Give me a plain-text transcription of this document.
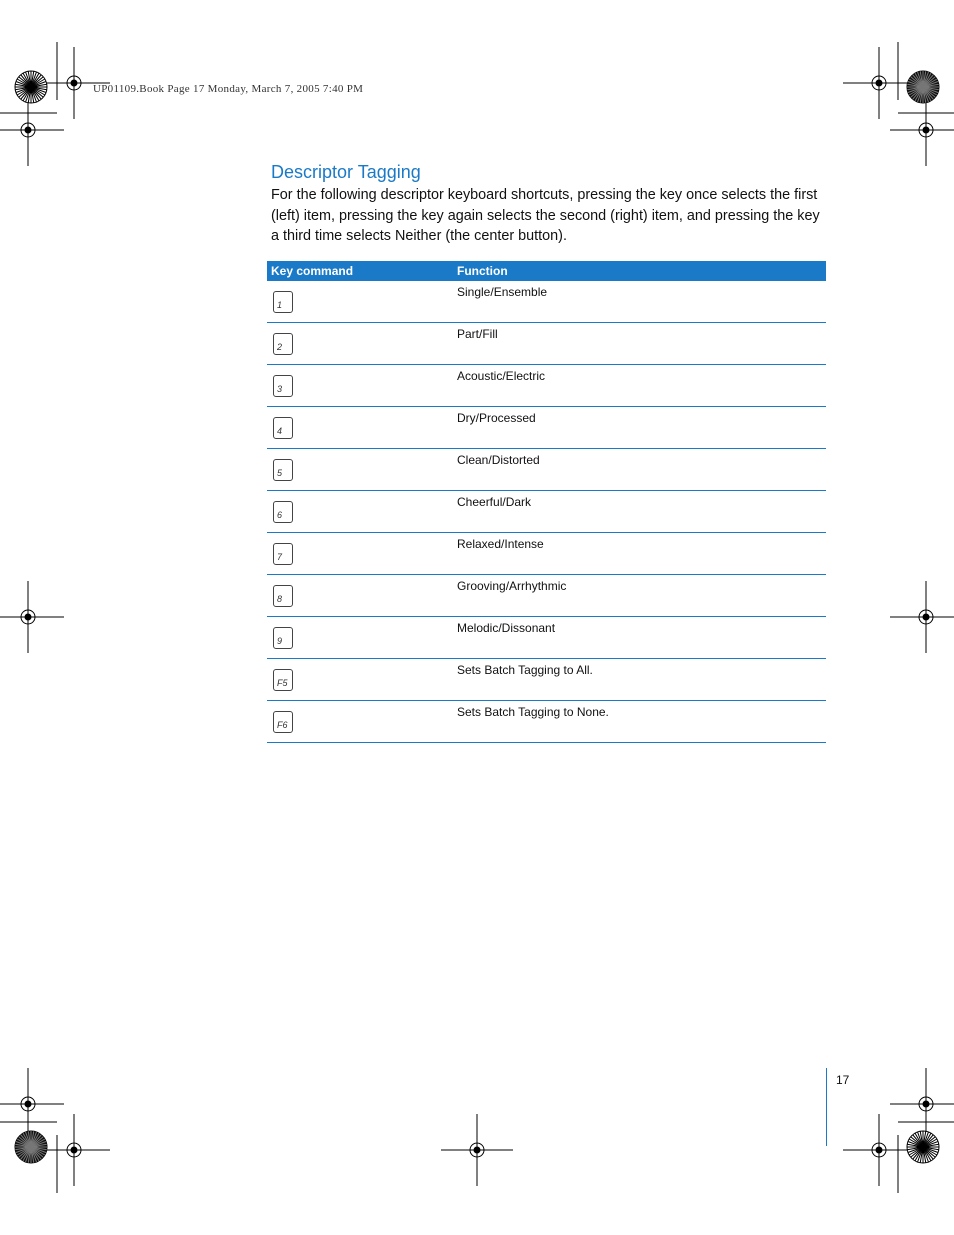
UP01109.Book Page 17 Monday, March 7, 2005 7:40 PM
Descriptor Tagging

For the following descriptor keyboard shortcuts, pressing the key once selects the first (left) item, pressing the key again selects the second (right) item, and pressing the key a third time selects Neither (the center button).

Key command	Function
1
Single/Ensemble
2
Part/Fill
3
Acoustic/Electric
4
Dry/Processed
5
Clean/Distorted
6
Cheerful/Dark
7
Relaxed/Intense
8
Grooving/Arrhythmic
9
Melodic/Dissonant
F5
Sets Batch Tagging to All.
F6
Sets Batch Tagging to None.
17
